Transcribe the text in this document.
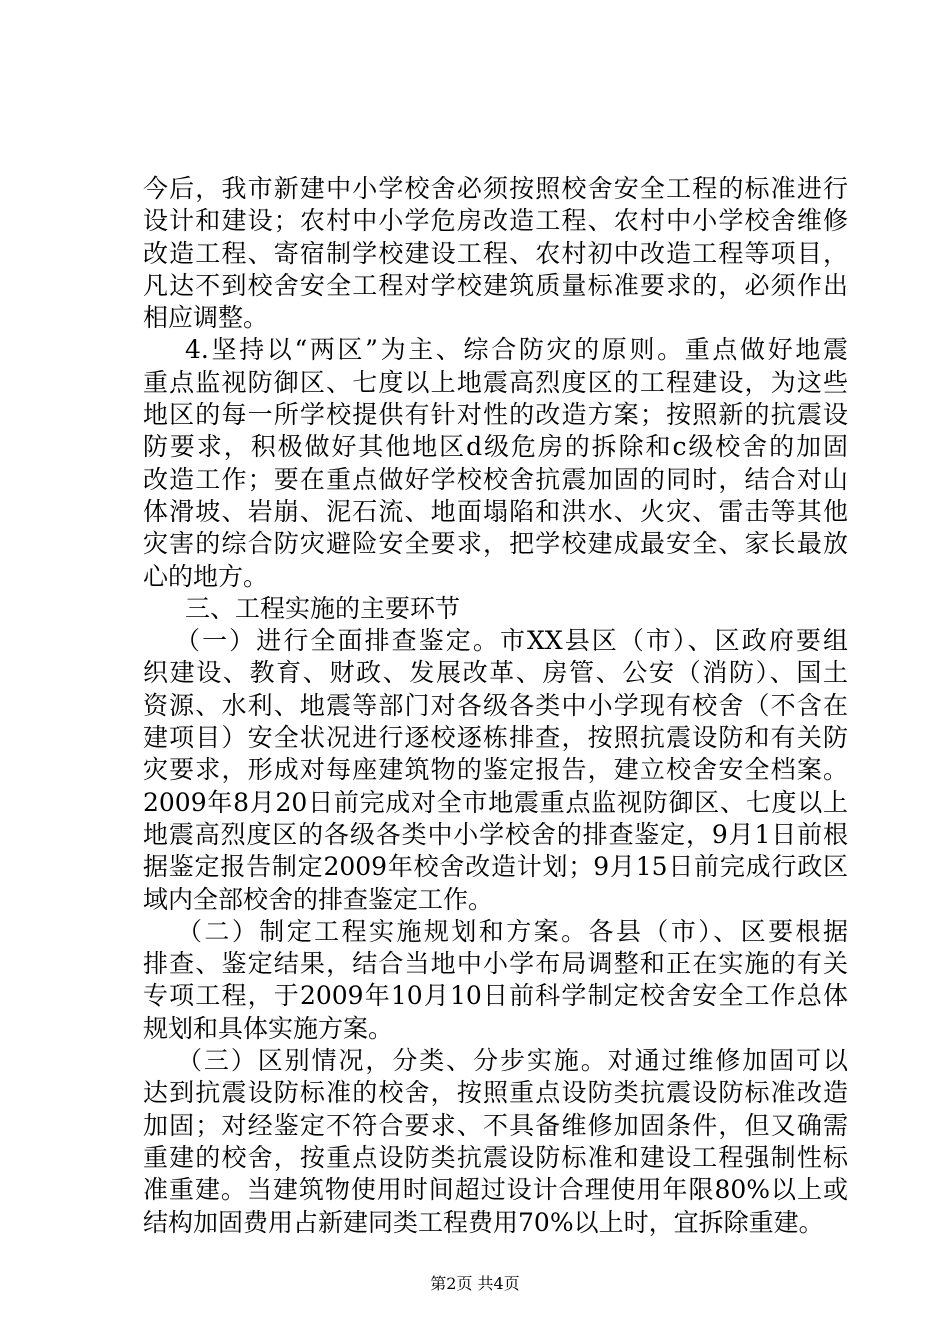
今后，我市新建中小学校舍必须按照校舍安全工程的标准进行
设计和建设；农村中小学危房改造工程、农村中小学校舍维修
改造工程、寄宿制学校建设工程、农村初中改造工程等项目，
凡达不到校舍安全工程对学校建筑质量标准要求的，必须作出
相应调整。
4.坚持以“两区”为主、综合防灾的原则。重点做好地震
重点监视防御区、七度以上地震高烈度区的工程建设，为这些
地区的每一所学校提供有针对性的改造方案；按照新的抗震设
防要求，积极做好其他地区d级危房的拆除和c级校舍的加固
改造工作；要在重点做好学校校舍抗震加固的同时，结合对山
体滑坡、岩崩、泥石流、地面塌陷和洪水、火灾、雷击等其他
灾害的综合防灾避险安全要求，把学校建成最安全、家长最放
心的地方。
三、工程实施的主要环节
（一）进行全面排查鉴定。市XX县区（市）、区政府要组
织建设、教育、财政、发展改革、房管、公安（消防）、国土
资源、水利、地震等部门对各级各类中小学现有校舍（不含在
建项目）安全状况进行逐校逐栋排查，按照抗震设防和有关防
灾要求，形成对每座建筑物的鉴定报告，建立校舍安全档案。
2009年8月20日前完成对全市地震重点监视防御区、七度以上
地震高烈度区的各级各类中小学校舍的排查鉴定，9月1日前根
据鉴定报告制定2009年校舍改造计划；9月15日前完成行政区
域内全部校舍的排查鉴定工作。
（二）制定工程实施规划和方案。各县（市）、区要根据
排查、鉴定结果，结合当地中小学布局调整和正在实施的有关
专项工程，于2009年10月10日前科学制定校舍安全工作总体
规划和具体实施方案。
（三）区别情况，分类、分步实施。对通过维修加固可以
达到抗震设防标准的校舍，按照重点设防类抗震设防标准改造
加固；对经鉴定不符合要求、不具备维修加固条件，但又确需
重建的校舍，按重点设防类抗震设防标准和建设工程强制性标
准重建。当建筑物使用时间超过设计合理使用年限80%以上或
结构加固费用占新建同类工程费用70%以上时，宜拆除重建。
第2页 共4页
